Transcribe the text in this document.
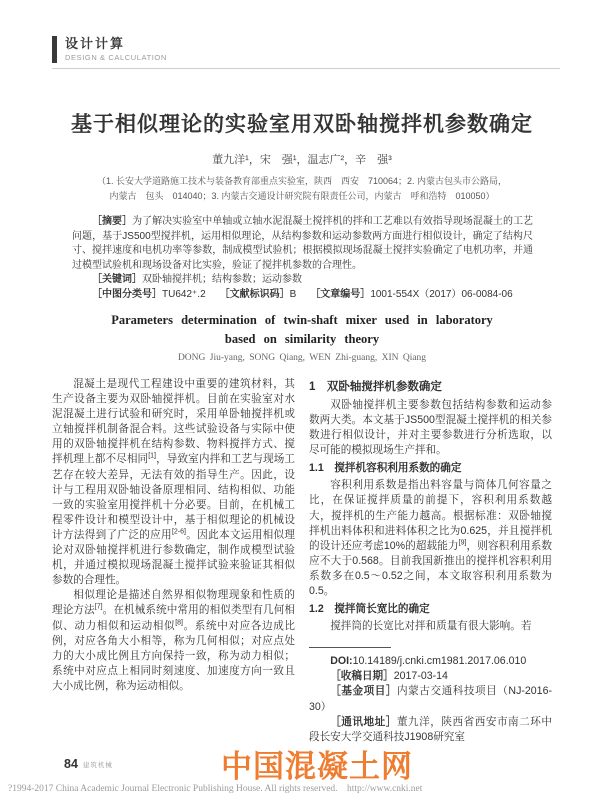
设计计算
DESIGN & CALCULATION
基于相似理论的实验室用双卧轴搅拌机参数确定
董九洋¹，宋　强¹，温志广²，辛　强³
（1. 长安大学道路施工技术与装备教育部重点实验室，陕西　西安　710064；2. 内蒙古包头市公路局，
内蒙古　包头　014040；3. 内蒙古交通设计研究院有限责任公司，内蒙古　呼和浩特　010050）

［摘要］为了解决实验室中单轴或立轴水泥混凝土搅拌机的拌和工艺难以有效指导现场混凝土的工艺问题，基于JS500型搅拌机，运用相似理论，从结构参数和运动参数两方面进行相似设计，确定了结构尺寸、搅拌速度和电机功率等参数，制成模型试验机；根据模拟现场混凝土搅拌实验确定了电机功率，并通过模型试验机和现场设备对比实验，验证了搅拌机参数的合理性。

［关键词］双卧轴搅拌机；结构参数；运动参数

［中图分类号］TU642⁺.2 ［文献标识码］B ［文章编号］1001-554X（2017）06-0084-06

Parameters determination of twin-shaft mixer used in laboratory
based on similarity theory
DONG Jiu-yang, SONG Qiang, WEN Zhi-guang, XIN Qiang

混凝土是现代工程建设中重要的建筑材料，其生产设备主要为双卧轴搅拌机。目前在实验室对水泥混凝土进行试验和研究时，采用单卧轴搅拌机或立轴搅拌机制备混合料。这些试验设备与实际中使用的双卧轴搅拌机在结构参数、物料搅拌方式、搅拌机理上都不尽相同[1]，导致室内拌和工艺与现场工艺存在较大差异，无法有效的指导生产。因此，设计与工程用双卧轴设备原理相同、结构相似、功能一致的实验室用搅拌机十分必要。目前，在机械工程零件设计和模型设计中，基于相似理论的机械设计方法得到了广泛的应用[2-6]。因此本文运用相似理论对双卧轴搅拌机进行参数确定，制作成模型试验机，并通过模拟现场混凝土搅拌试验来验证其相似参数的合理性。

相似理论是描述自然界相似物理现象和性质的理论方法[7]。在机械系统中常用的相似类型有几何相似、动力相似和运动相似[8]。系统中对应各边成比例，对应各角大小相等，称为几何相似；对应点处力的大小成比例且方向保持一致，称为动力相似；系统中对应点上相同时刻速度、加速度方向一致且大小成比例，称为运动相似。

1　双卧轴搅拌机参数确定

双卧轴搅拌机主要参数包括结构参数和运动参数两大类。本文基于JS500型混凝土搅拌机的相关参数进行相似设计，并对主要参数进行分析选取，以尽可能的模拟现场生产拌和。

1.1　搅拌机容积利用系数的确定

容积利用系数是指出料容量与筒体几何容量之比，在保证搅拌质量的前提下，容积利用系数越大，搅拌机的生产能力越高。根据标准：双卧轴搅拌机出料体积和进料体积之比为0.625，并且搅拌机的设计还应考虑10%的超载能力[9]，则容积利用系数应不大于0.568。目前我国新推出的搅拌机容积利用系数多在0.5～0.52之间，本文取容积利用系数为0.5。

1.2　搅拌筒长宽比的确定

搅拌筒的长宽比对拌和质量有很大影响。若

DOI:10.14189/j.cnki.cm1981.2017.06.010

［收稿日期］2017-03-14

［基金项目］内蒙古交通科技项目（NJ-2016-30）

［通讯地址］董九洋，陕西省西安市南二环中段长安大学交通科技J1908研究室

84 建筑机械	中国混凝土网
?1994-2017 China Academic Journal Electronic Publishing House. All rights reserved.    http://www.cnki.net
